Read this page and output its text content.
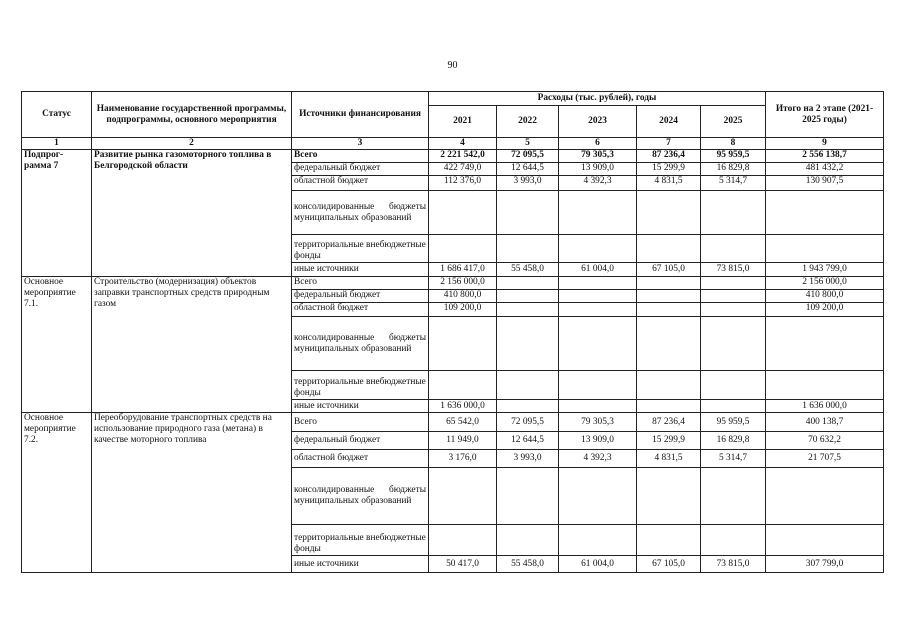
90
Статус	Наименование государственной программы, подпрограммы, основного мероприятия	Источники финансирования	Расходы (тыс. рублей), годы					Итого на 2 этапе (2021-2025 годы)
			2021	2022	2023	2024	2025	
1	2	3	4	5	6	7	8	9
Подпрог-рамма 7	Развитие рынка газомоторного топлива в Белгородской области	Всего	2 221 542,0	72 095,5	79 305,3	87 236,4	95 959,5	2 556 138,7
		федеральный бюджет	422 749,0	12 644,5	13 909,0	15 299,9	16 829,8	481 432,2
		областной бюджет	112 376,0	3 993,0	4 392,3	4 831,5	5 314,7	130 907,5
		консолидированные бюджеты муниципальных образований						
		территориальные внебюджетные фонды						
		иные источники	1 686 417,0	55 458,0	61 004,0	67 105,0	73 815,0	1 943 799,0
Основное мероприятие 7.1.	Строительство (модернизация) объектов заправки транспортных средств природным газом	Всего	2 156 000,0					2 156 000,0
		федеральный бюджет	410 800,0					410 800,0
		областной бюджет	109 200,0					109 200,0
		консолидированные бюджеты муниципальных образований						
		территориальные внебюджетные фонды						
		иные источники	1 636 000,0					1 636 000,0
Основное мероприятие 7.2.	Переоборудование транспортных средств на использование природного газа (метана) в качестве моторного топлива	Всего	65 542,0	72 095,5	79 305,3	87 236,4	95 959,5	400 138,7
		федеральный бюджет	11 949,0	12 644,5	13 909,0	15 299,9	16 829,8	70 632,2
		областной бюджет	3 176,0	3 993,0	4 392,3	4 831,5	5 314,7	21 707,5
		консолидированные бюджеты муниципальных образований						
		территориальные внебюджетные фонды						
		иные источники	50 417,0	55 458,0	61 004,0	67 105,0	73 815,0	307 799,0
